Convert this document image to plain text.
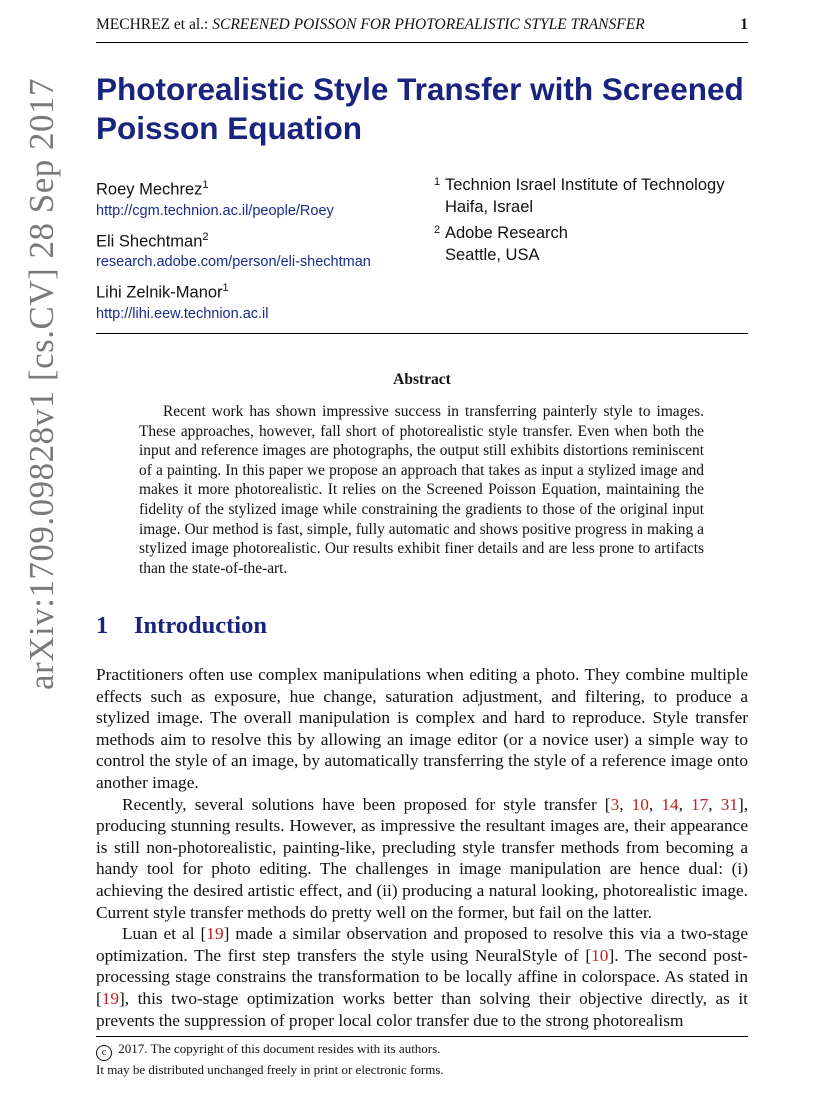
arXiv:1709.09828v1 [cs.CV] 28 Sep 2017
MECHREZ et al.: SCREENED POISSON FOR PHOTOREALISTIC STYLE TRANSFER	1
Photorealistic Style Transfer with Screened Poisson Equation
Roey Mechrez$^1$
http://cgm.technion.ac.il/people/Roey
Eli Shechtman$^2$
research.adobe.com/person/eli-shechtman
Lihi Zelnik-Manor$^1$
http://lihi.eew.technion.ac.il
1 Technion Israel Institute of Technology
Haifa, Israel
2 Adobe Research
Seattle, USA
Abstract

Recent work has shown impressive success in transferring painterly style to images. These approaches, however, fall short of photorealistic style transfer. Even when both the input and reference images are photographs, the output still exhibits distortions reminiscent of a painting. In this paper we propose an approach that takes as input a stylized image and makes it more photorealistic. It relies on the Screened Poisson Equation, maintaining the fidelity of the stylized image while constraining the gradients to those of the original input image. Our method is fast, simple, fully automatic and shows positive progress in making a stylized image photorealistic. Our results exhibit finer details and are less prone to artifacts than the state-of-the-art.

1 Introduction

Practitioners often use complex manipulations when editing a photo. They combine multiple effects such as exposure, hue change, saturation adjustment, and filtering, to produce a stylized image. The overall manipulation is complex and hard to reproduce. Style transfer methods aim to resolve this by allowing an image editor (or a novice user) a simple way to control the style of an image, by automatically transferring the style of a reference image onto another image.

Recently, several solutions have been proposed for style transfer [3, 10, 14, 17, 31], producing stunning results. However, as impressive the resultant images are, their appearance is still non-photorealistic, painting-like, precluding style transfer methods from becoming a handy tool for photo editing. The challenges in image manipulation are hence dual: (i) achieving the desired artistic effect, and (ii) producing a natural looking, photorealistic image. Current style transfer methods do pretty well on the former, but fail on the latter.

Luan et al [19] made a similar observation and proposed to resolve this via a two-stage optimization. The first step transfers the style using NeuralStyle of [10]. The second post-processing stage constrains the transformation to be locally affine in colorspace. As stated in [19], this two-stage optimization works better than solving their objective directly, as it prevents the suppression of proper local color transfer due to the strong photorealism

c 2017. The copyright of this document resides with its authors.
It may be distributed unchanged freely in print or electronic forms.
